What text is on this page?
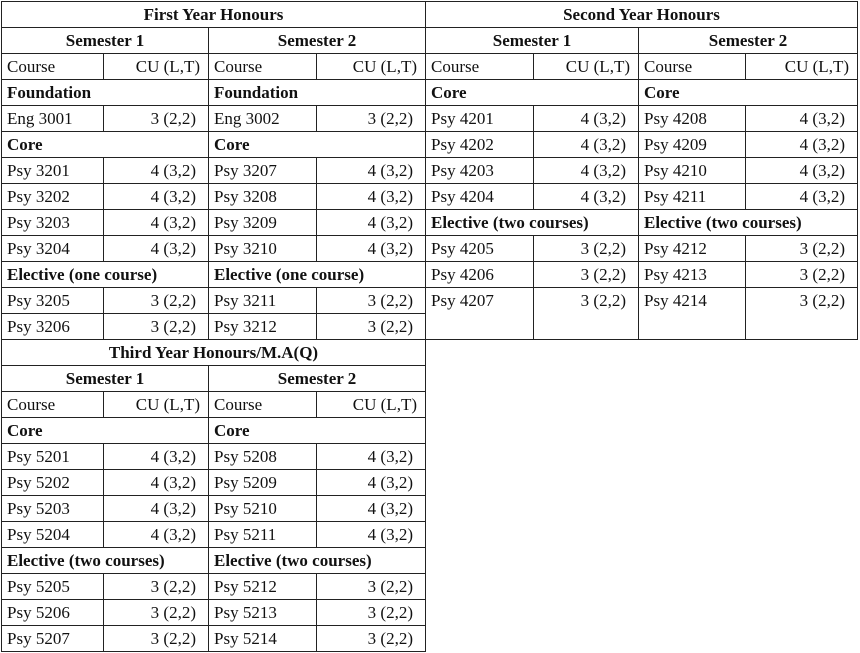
First Year Honours			
Semester 1		Semester 2	
Course	CU (L,T)	Course	CU (L,T)
Foundation		Foundation	
Eng 3001	3 (2,2)	Eng 3002	3 (2,2)
Core		Core	
Psy 3201	4 (3,2)	Psy 3207	4 (3,2)
Psy 3202	4 (3,2)	Psy 3208	4 (3,2)
Psy 3203	4 (3,2)	Psy 3209	4 (3,2)
Psy 3204	4 (3,2)	Psy 3210	4 (3,2)
Elective (one course)		Elective (one course)	
Psy 3205	3 (2,2)	Psy 3211	3 (2,2)
Psy 3206	3 (2,2)	Psy 3212	3 (2,2)
Second Year Honours			
Semester 1		Semester 2	
Course	CU (L,T)	Course	CU (L,T)
Core		Core	
Psy 4201	4 (3,2)	Psy 4208	4 (3,2)
Psy 4202	4 (3,2)	Psy 4209	4 (3,2)
Psy 4203	4 (3,2)	Psy 4210	4 (3,2)
Psy 4204	4 (3,2)	Psy 4211	4 (3,2)
Elective (two courses)		Elective (two courses)	
Psy 4205	3 (2,2)	Psy 4212	3 (2,2)
Psy 4206	3 (2,2)	Psy 4213	3 (2,2)
Psy 4207	3 (2,2)	Psy 4214	3 (2,2)
Third Year Honours/M.A(Q)			
Semester 1		Semester 2	
Course	CU (L,T)	Course	CU (L,T)
Core		Core	
Psy 5201	4 (3,2)	Psy 5208	4 (3,2)
Psy 5202	4 (3,2)	Psy 5209	4 (3,2)
Psy 5203	4 (3,2)	Psy 5210	4 (3,2)
Psy 5204	4 (3,2)	Psy 5211	4 (3,2)
Elective (two courses)		Elective (two courses)	
Psy 5205	3 (2,2)	Psy 5212	3 (2,2)
Psy 5206	3 (2,2)	Psy 5213	3 (2,2)
Psy 5207	3 (2,2)	Psy 5214	3 (2,2)
